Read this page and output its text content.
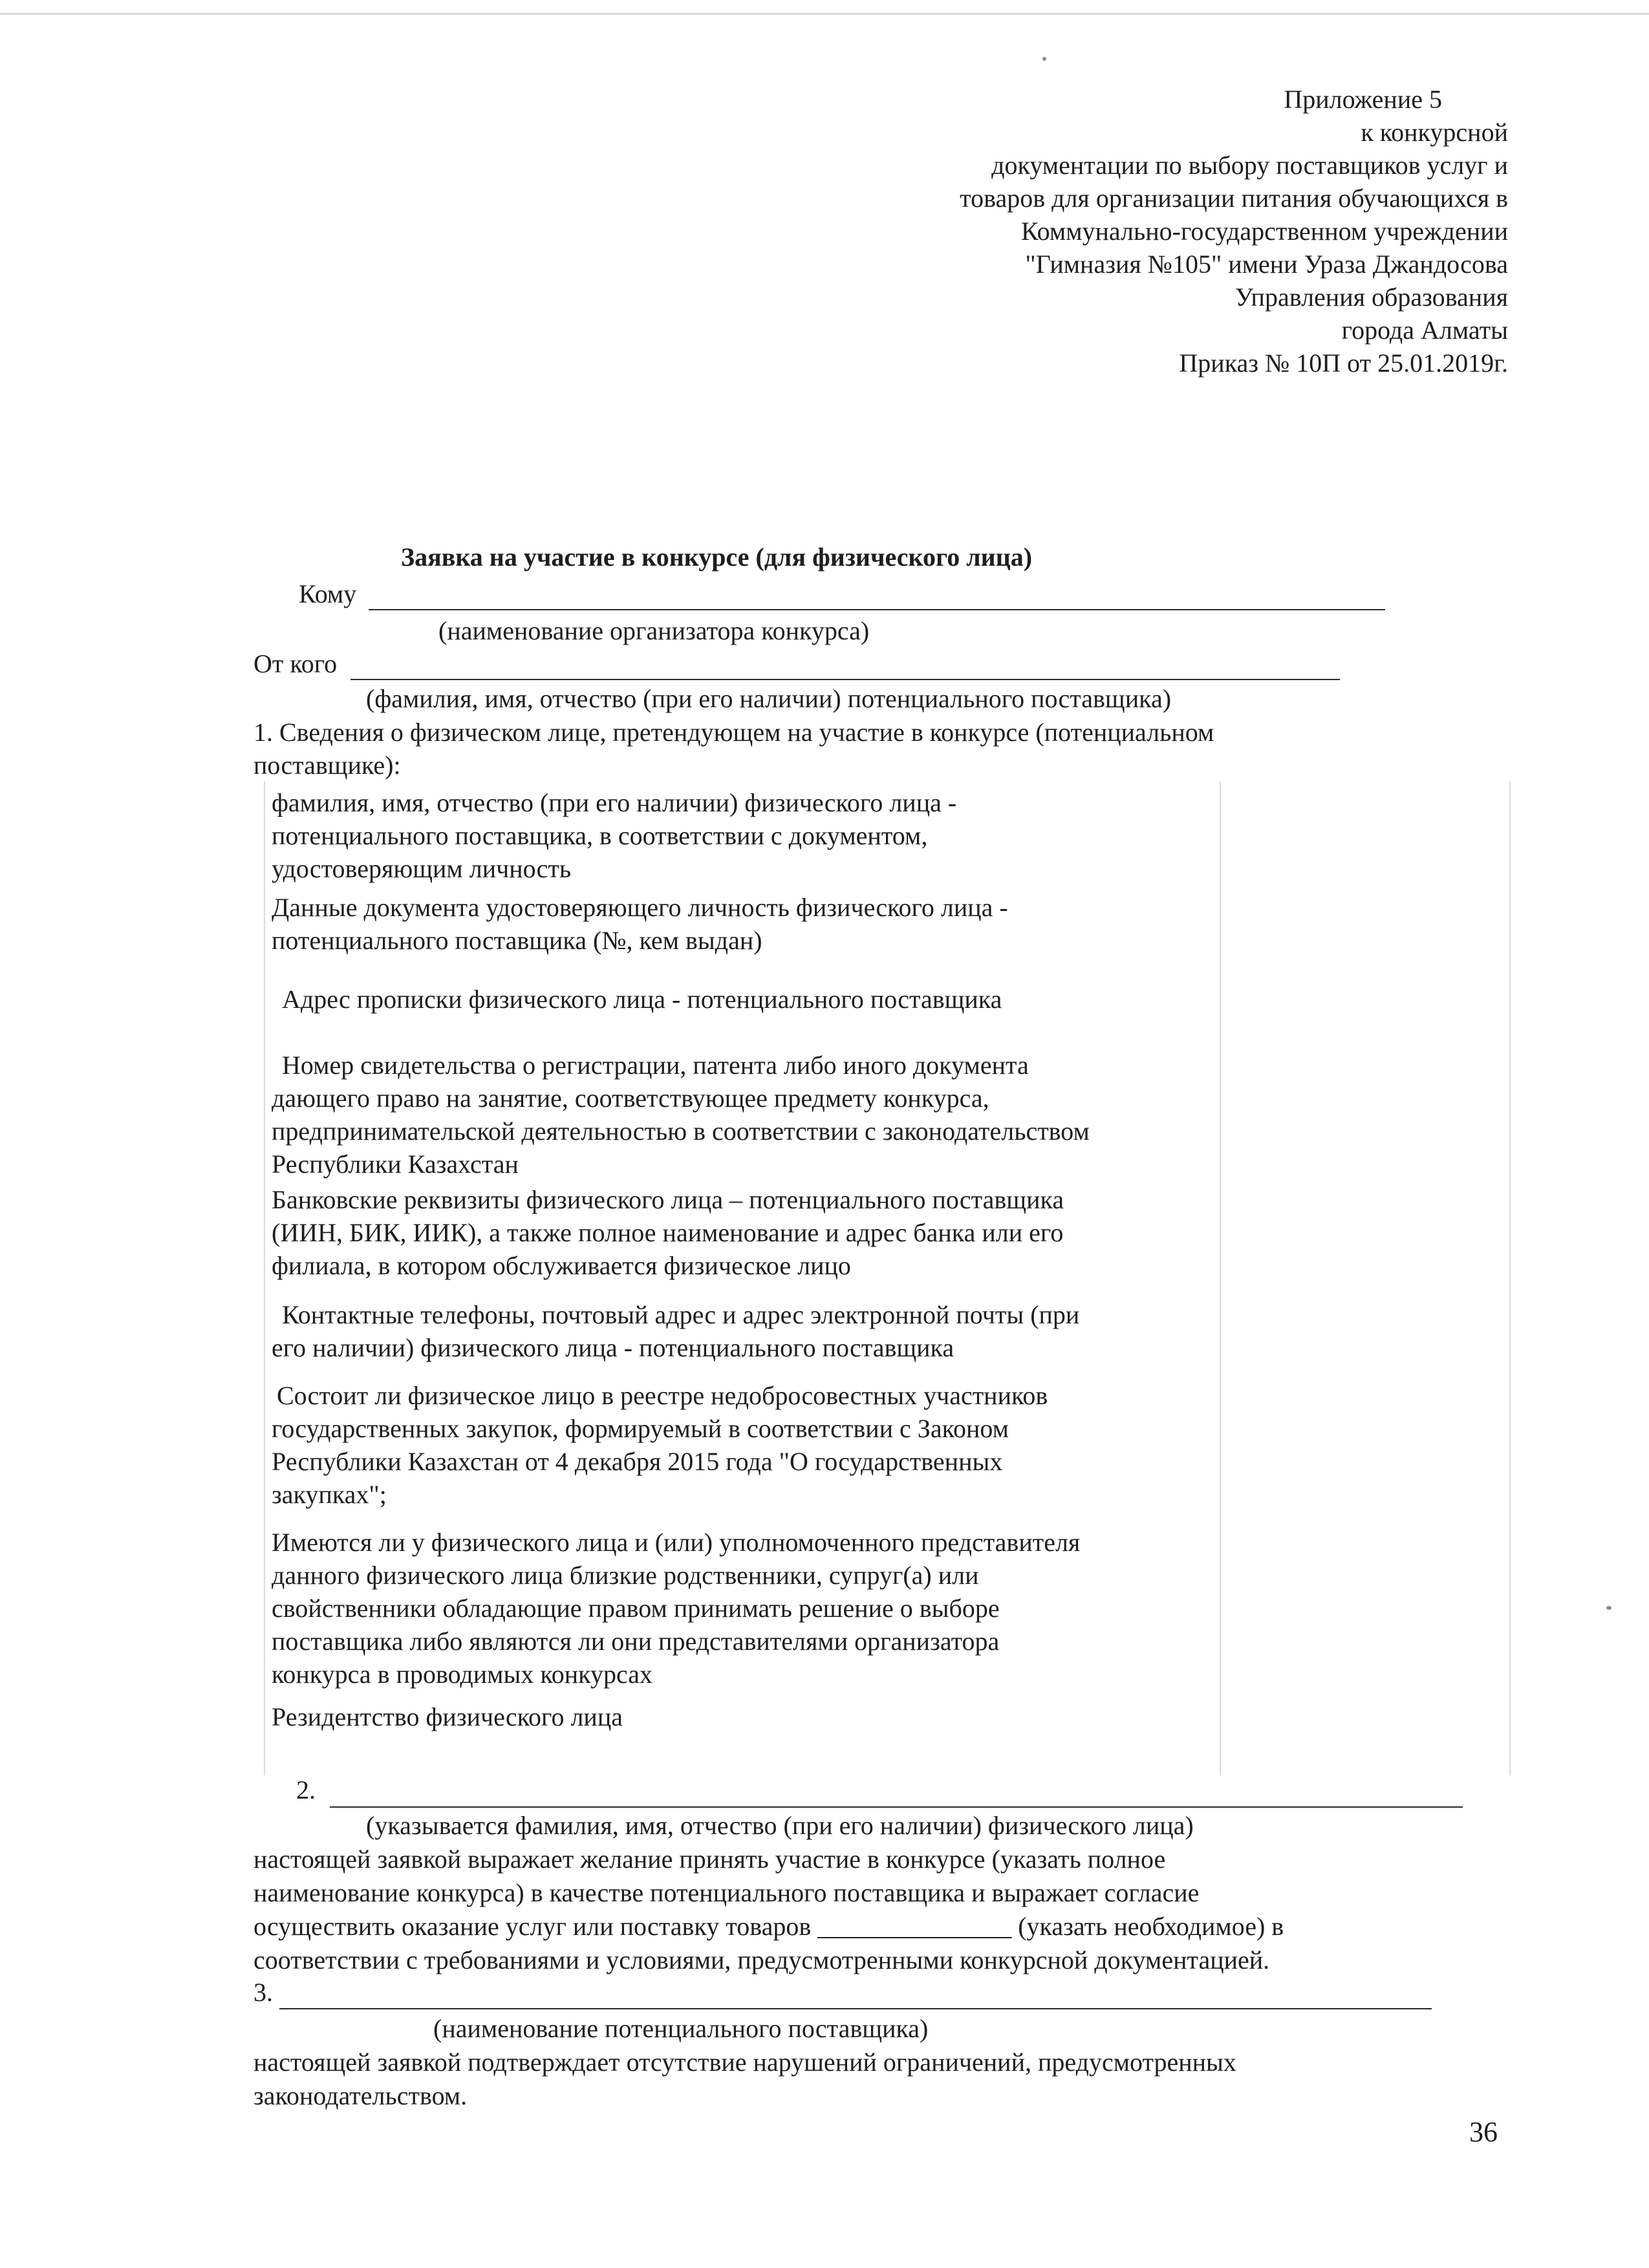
Приложение 5
к конкурсной
документации по выбору поставщиков услуг и
товаров для организации питания обучающихся в
Коммунально-государственном учреждении
"Гимназия №105" имени Ураза Джандосова
Управления образования
города Алматы
Приказ № 10П от 25.01.2019г.
Заявка на участие в конкурсе (для физического лица)
Кому
(наименование организатора конкурса)
От кого
(фамилия, имя, отчество (при его наличии) потенциального поставщика)
1. Сведения о физическом лице, претендующем на участие в конкурсе (потенциальном
поставщике):
фамилия, имя, отчество (при его наличии) физического лица -
потенциального поставщика, в соответствии с документом,
удостоверяющим личность
Данные документа удостоверяющего личность физического лица -
потенциального поставщика (№, кем выдан)
Адрес прописки физического лица - потенциального поставщика
Номер свидетельства о регистрации, патента либо иного документа
дающего право на занятие, соответствующее предмету конкурса,
предпринимательской деятельностью в соответствии с законодательством
Республики Казахстан
Банковские реквизиты физического лица – потенциального поставщика
(ИИН, БИК, ИИК), а также полное наименование и адрес банка или его
филиала, в котором обслуживается физическое лицо
Контактные телефоны, почтовый адрес и адрес электронной почты (при
его наличии) физического лица - потенциального поставщика
Состоит ли физическое лицо в реестре недобросовестных участников
государственных закупок, формируемый в соответствии с Законом
Республики Казахстан от 4 декабря 2015 года "О государственных
закупках";
Имеются ли у физического лица и (или) уполномоченного представителя
данного физического лица близкие родственники, супруг(а) или
свойственники обладающие правом принимать решение о выборе
поставщика либо являются ли они представителями организатора
конкурса в проводимых конкурсах
Резидентство физического лица
2.
(указывается фамилия, имя, отчество (при его наличии) физического лица)
настоящей заявкой выражает желание принять участие в конкурсе (указать полное
наименование конкурса) в качестве потенциального поставщика и выражает согласие
осуществить оказание услуг или поставку товаров _______________ (указать необходимое) в
соответствии с требованиями и условиями, предусмотренными конкурсной документацией.
3.
(наименование потенциального поставщика)
настоящей заявкой подтверждает отсутствие нарушений ограничений, предусмотренных
законодательством.
36
